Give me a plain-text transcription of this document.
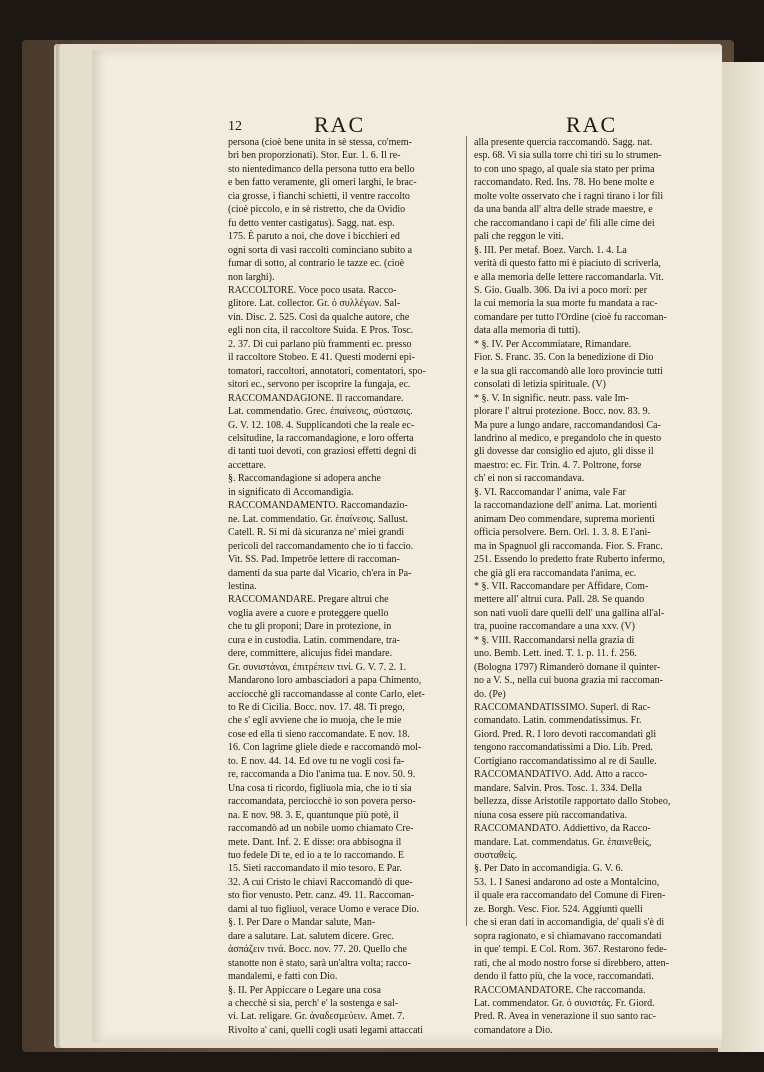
12	RAC	RAC
persona (cioè bene unita in sè stessa, co'mem-
bri ben proporzionati). Stor. Eur. 1. 6. Il re-
sto nientedimanco della persona tutto era bello
e ben fatto veramente, gli omeri larghi, le brac-
cia grosse, i fianchi schietti, il ventre raccolto
(cioè piccolo, e in sè ristretto, che da Ovidio
fu detto venter castigatus). Sagg. nat. esp.
175. È paruto a noi, che dove i bicchieri ed
ogni sorta di vasi raccolti cominciano subito a
fumar di sotto, al contrario le tazze ec. (cioè
non larghi).
RACCOLTORE. Voce poco usata. Racco-
glitore. Lat. collector. Gr. ὁ συλλέγων. Sal-
vin. Disc. 2. 525. Così da qualche autore, che
egli non cita, il raccoltore Suida. E Pros. Tosc.
2. 37. Di cui parlano più frammenti ec. presso
il raccoltore Stobeo. E 41. Questi moderni epi-
tomatori, raccoltori, annotatori, comentatori, spo-
sitori ec., servono per iscoprire la fungaja, ec.
RACCOMANDAGIONE. Il raccomandare.
Lat. commendatio. Grec. ἐπαίνεσις, σύστασις.
G. V. 12. 108. 4. Supplicandoti che la reale ec-
celsitudine, la raccomandagione, e loro offerta
di tanti tuoi devoti, con graziosi effetti degni di
accettare.
§. Raccomandagione si adopera anche
in significato di Accomandigia.
RACCOMANDAMENTO. Raccomandazio-
ne. Lat. commendatio. Gr. ἐπαίνεσις. Sallust.
Catell. R. Sì mi dà sicuranza ne' miei grandi
pericoli del raccomandamento che io ti faccio.
Vit. SS. Pad. Impetrôe lettere di raccoman-
damenti da sua parte dal Vicario, ch'era in Pa-
lestina.
RACCOMANDARE. Pregare altrui che
voglia avere a cuore e proteggere quello
che tu gli proponi; Dare in protezione, in
cura e in custodia. Latin. commendare, tra-
dere, committere, alicujus fidei mandare.
Gr. συνιστάναι, ἐπιτρέπειν τινί. G. V. 7. 2. 1.
Mandarono loro ambasciadori a papa Chimento,
acciocchè gli raccomandasse al conte Carlo, elet-
to Re di Cicilia. Bocc. nov. 17. 48. Ti prego,
che s' egli avviene che io muoja, che le mie
cose ed ella ti sieno raccomandate. E nov. 18.
16. Con lagrime gliele diede e raccomandò mol-
to. E nov. 44. 14. Ed ove tu ne vogli così fa-
re, raccomanda a Dio l'anima tua. E nov. 50. 9.
Una cosa ti ricordo, figliuola mia, che io ti sia
raccomandata, perciocchè io son povera perso-
na. E nov. 98. 3. E, quantunque più potè, il
raccomandò ad un nobile uomo chiamato Cre-
mete. Dant. Inf. 2. E disse: ora abbisogna il
tuo fedele Di te, ed io a te lo raccomando. E
15. Sieti raccomandato il mio tesoro. E Par.
32. A cui Cristo le chiavi Raccomandò di que-
sto fior venusto. Petr. canz. 49. 11. Raccoman-
dami al tuo figliuol, verace Uomo e verace Dio.
§. I. Per Dare o Mandar salute, Man-
dare a salutare. Lat. salutem dicere. Grec.
ἀσπάζειν τινά. Bocc. nov. 77. 20. Quello che
stanotte non è stato, sarà un'altra volta; racco-
mandalemi, e fatti con Dio.
§. II. Per Appiccare o Legare una cosa
a checchè si sia, perch' e' la sostenga e sal-
vi. Lat. religare. Gr. ἀναδεσμεύειν. Amet. 7.
Rivolto a' cani, quelli cogli usati legami attaccati
alla presente quercia raccomandò. Sagg. nat.
esp. 68. Vi sia sulla torre chi tiri su lo strumen-
to con uno spago, al quale sia stato per prima
raccomandato. Red. Ins. 78. Ho bene molte e
molte volte osservato che i ragni tirano i lor fili
da una banda all' altra delle strade maestre, e
che raccomandano i capi de' fili alle cime dei
pali che reggon le viti.
§. III. Per metaf. Boez. Varch. 1. 4. La
verità di questo fatto mi è piaciuto di scriverla,
e alla memoria delle lettere raccomandarla. Vit.
S. Gio. Gualb. 306. Da ivi a poco morì: per
la cui memoria la sua morte fu mandata a rac-
comandare per tutto l'Ordine (cioè fu raccoman-
data alla memoria di tutti).
* §. IV. Per Accommiatare, Rimandare.
Fior. S. Franc. 35. Con la benedizione di Dio
e la sua gli raccomandò alle loro provincie tutti
consolati di letizia spirituale. (V)
* §. V. In signific. neutr. pass. vale Im-
plorare l' altrui protezione. Bocc. nov. 83. 9.
Ma pure a lungo andare, raccomandandosi Ca-
landrino al medico, e pregandolo che in questo
gli dovesse dar consiglio ed ajuto, gli disse il
maestro: ec. Fir. Trin. 4. 7. Poltrone, forse
ch' ei non si raccomandava.
§. VI. Raccomandar l' anima, vale Far
la raccomandazione dell' anima. Lat. morienti
animam Deo commendare, suprema morienti
officia persolvere. Bern. Orl. 1. 3. 8. E l'ani-
ma in Spagnuol gli raccomanda. Fior. S. Franc.
251. Essendo lo predetto frate Ruberto infermo,
che già gli era raccomandata l'anima, ec.
* §. VII. Raccomandare per Affidare, Com-
mettere all' altrui cura. Pall. 28. Se quando
son nati vuoli dare quelli dell' una gallina all'al-
tra, puoine raccomandare a una xxv. (V)
* §. VIII. Raccomandarsi nella grazia di
uno. Bemb. Lett. ined. T. 1. p. 11. f. 256.
(Bologna 1797) Rimanderò domane il quinter-
no a V. S., nella cui buona grazia mi raccoman-
do. (Pe)
RACCOMANDATISSIMO. Superl. di Rac-
comandato. Latin. commendatissimus. Fr.
Giord. Pred. R. I loro devoti raccomandati gli
tengono raccomandatissimi a Dio. Lib. Pred.
Cortigiano raccomandatissimo al re di Saulle.
RACCOMANDATIVO. Add. Atto a racco-
mandare. Salvin. Pros. Tosc. 1. 334. Della
bellezza, disse Aristotile rapportato dallo Stobeo,
niuna cosa essere più raccomandativa.
RACCOMANDATO. Addiettivo, da Racco-
mandare. Lat. commendatus. Gr. ἐπαινεθείς,
συσταθείς.
§. Per Dato in accomandigia. G. V. 6.
53. 1. I Sanesi andarono ad oste a Montalcino,
il quale era raccomandato del Comune di Firen-
ze. Borgh. Vesc. Fior. 524. Aggiunti quelli
che si eran dati in accomandigia, de' quali s'è di
sopra ragionato, e si chiamavano raccomandati
in que' tempi. E Col. Rom. 367. Restarono fede-
rati, che al modo nostro forse si direbbero, atten-
dendo il fatto più, che la voce, raccomandati.
RACCOMANDATORE. Che raccomanda.
Lat. commendator. Gr. ὁ συνιστάς. Fr. Giord.
Pred. R. Avea in venerazione il suo santo rac-
comandatore a Dio.
